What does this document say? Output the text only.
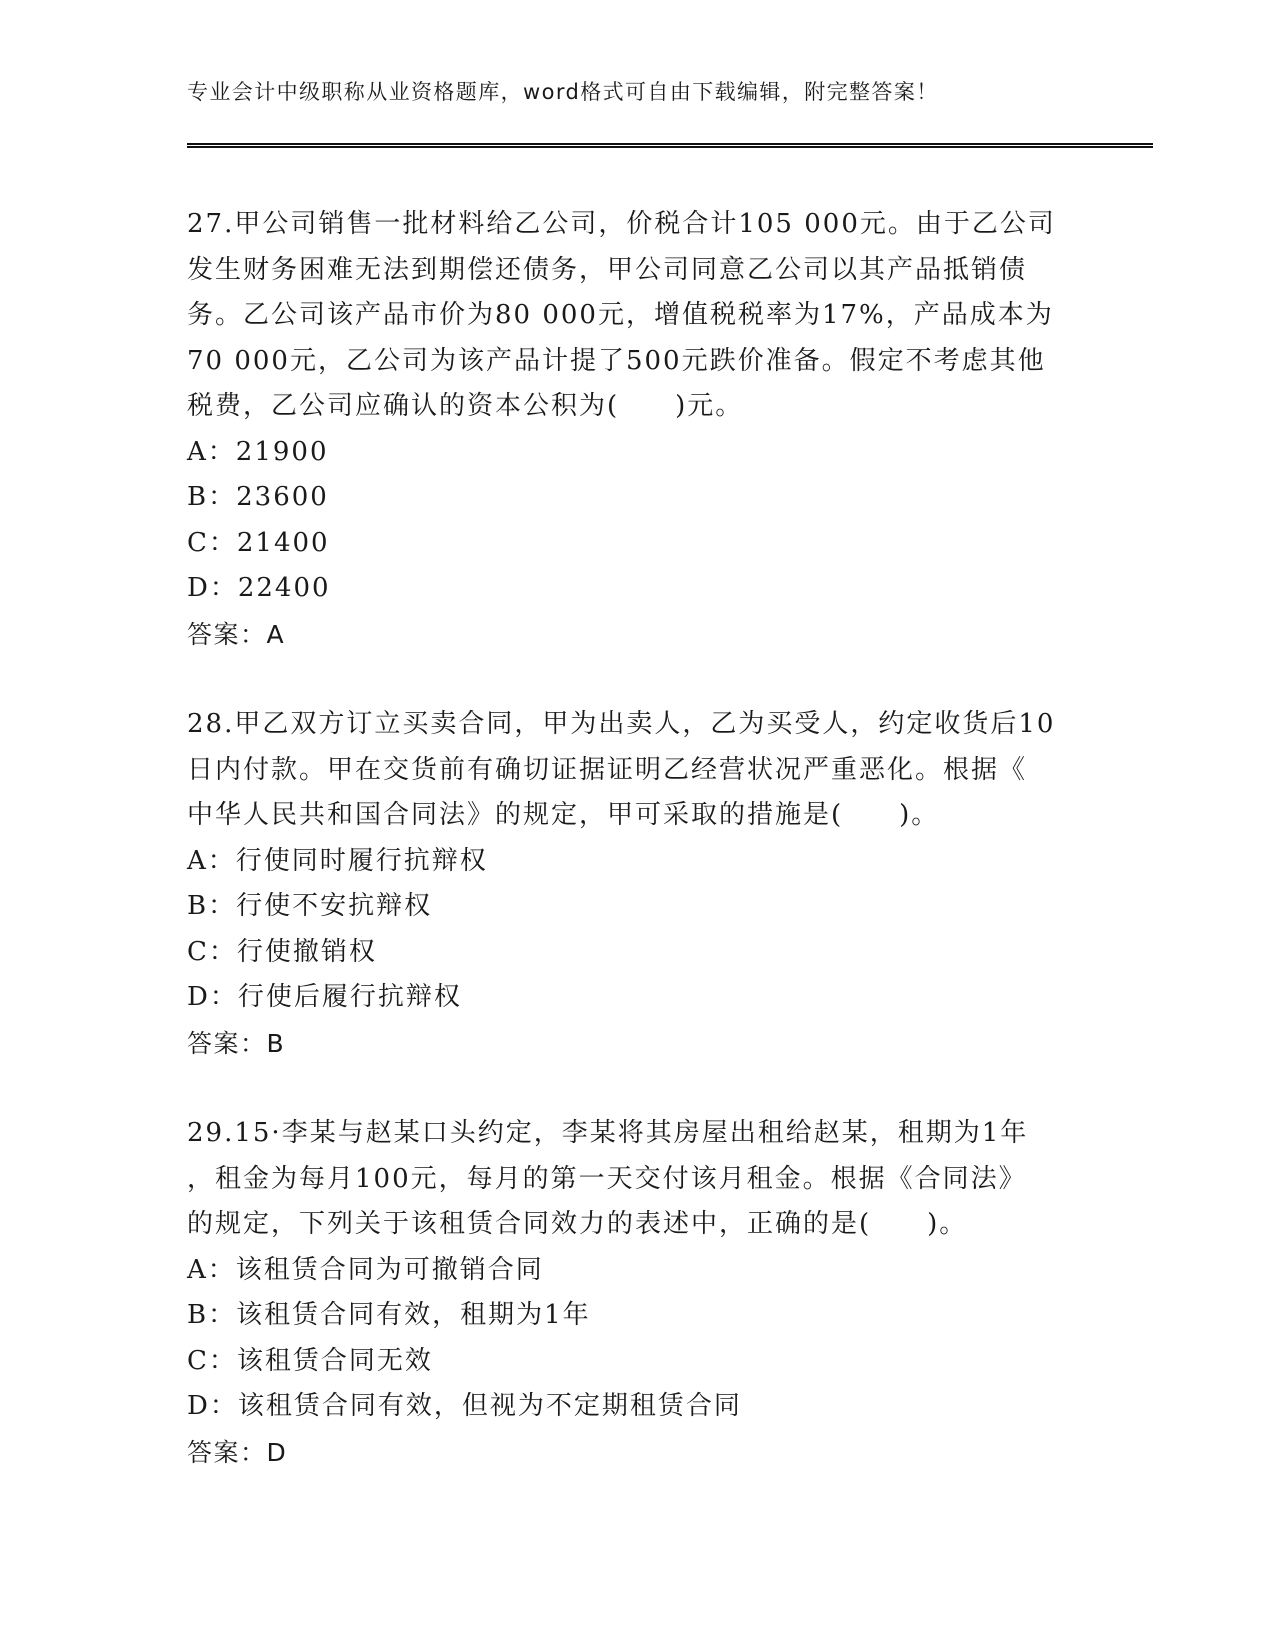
专业会计中级职称从业资格题库，word格式可自由下载编辑，附完整答案！
27.甲公司销售一批材料给乙公司，价税合计105 000元。由于乙公司
发生财务困难无法到期偿还债务，甲公司同意乙公司以其产品抵销债
务。乙公司该产品市价为80 000元，增值税税率为17%，产品成本为
70 000元，乙公司为该产品计提了500元跌价准备。假定不考虑其他
税费，乙公司应确认的资本公积为(　　)元。
A：21900
B：23600
C：21400
D：22400
答案：A
28.甲乙双方订立买卖合同，甲为出卖人，乙为买受人，约定收货后10
日内付款。甲在交货前有确切证据证明乙经营状况严重恶化。根据《
中华人民共和国合同法》的规定，甲可采取的措施是(　　)。
A：行使同时履行抗辩权
B：行使不安抗辩权
C：行使撤销权
D：行使后履行抗辩权
答案：B
29.15·李某与赵某口头约定，李某将其房屋出租给赵某，租期为1年
，租金为每月100元，每月的第一天交付该月租金。根据《合同法》
的规定，下列关于该租赁合同效力的表述中，正确的是(　　)。
A：该租赁合同为可撤销合同
B：该租赁合同有效，租期为1年
C：该租赁合同无效
D：该租赁合同有效，但视为不定期租赁合同
答案：D
